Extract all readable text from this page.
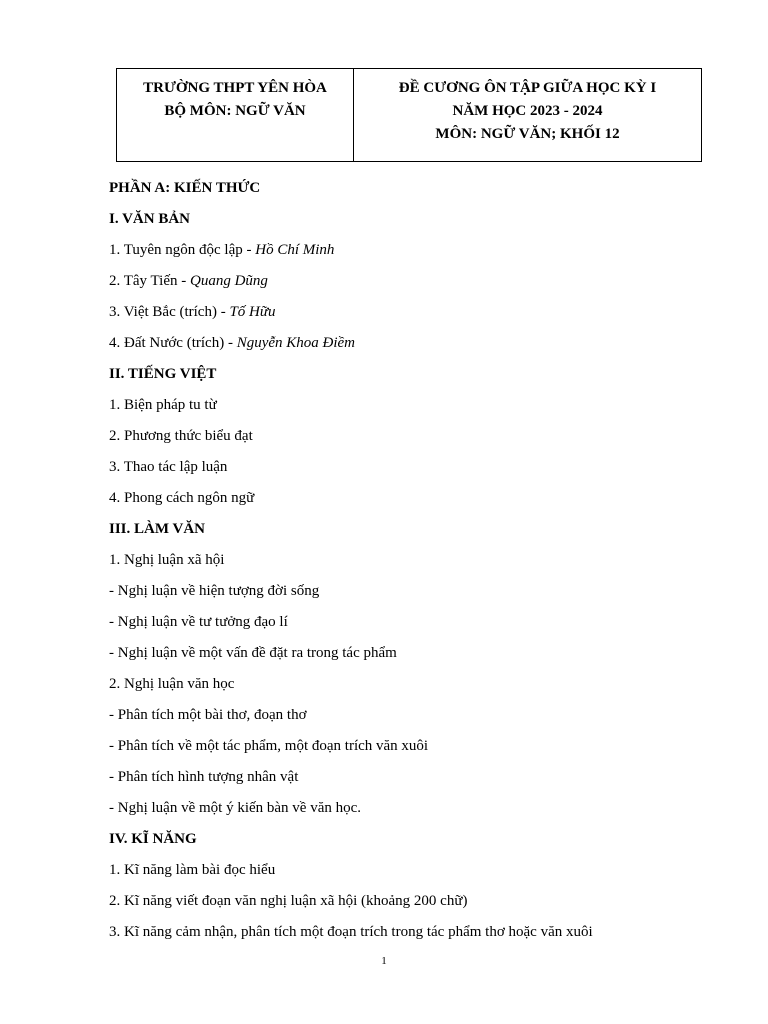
TRƯỜNG THPT YÊN HÒA
BỘ MÔN: NGỮ VĂN

ĐỀ CƯƠNG ÔN TẬP GIỮA HỌC KỲ I
NĂM HỌC 2023 - 2024
MÔN: NGỮ VĂN; KHỐI 12
PHẦN A: KIẾN THỨC
I. VĂN BẢN
1. Tuyên ngôn độc lập - Hồ Chí Minh
2. Tây Tiến - Quang Dũng
3. Việt Bắc (trích) - Tố Hữu
4. Đất Nước (trích) - Nguyễn Khoa Điềm
II. TIẾNG VIỆT
1. Biện pháp tu từ
2. Phương thức biểu đạt
3. Thao tác lập luận
4. Phong cách ngôn ngữ
III. LÀM VĂN
1. Nghị luận xã hội
- Nghị luận về hiện tượng đời sống
- Nghị luận về tư tưởng đạo lí
- Nghị luận về một vấn đề đặt ra trong tác phẩm
2. Nghị luận văn học
- Phân tích một bài thơ, đoạn thơ
- Phân tích về một tác phẩm, một đoạn trích văn xuôi
- Phân tích hình tượng nhân vật
- Nghị luận về một ý kiến bàn về văn học.
IV. KĨ NĂNG
1. Kĩ năng làm bài đọc hiểu
2. Kĩ năng viết đoạn văn nghị luận xã hội (khoảng 200 chữ)
3. Kĩ năng cảm nhận, phân tích một đoạn trích trong tác phẩm thơ hoặc văn xuôi
1
